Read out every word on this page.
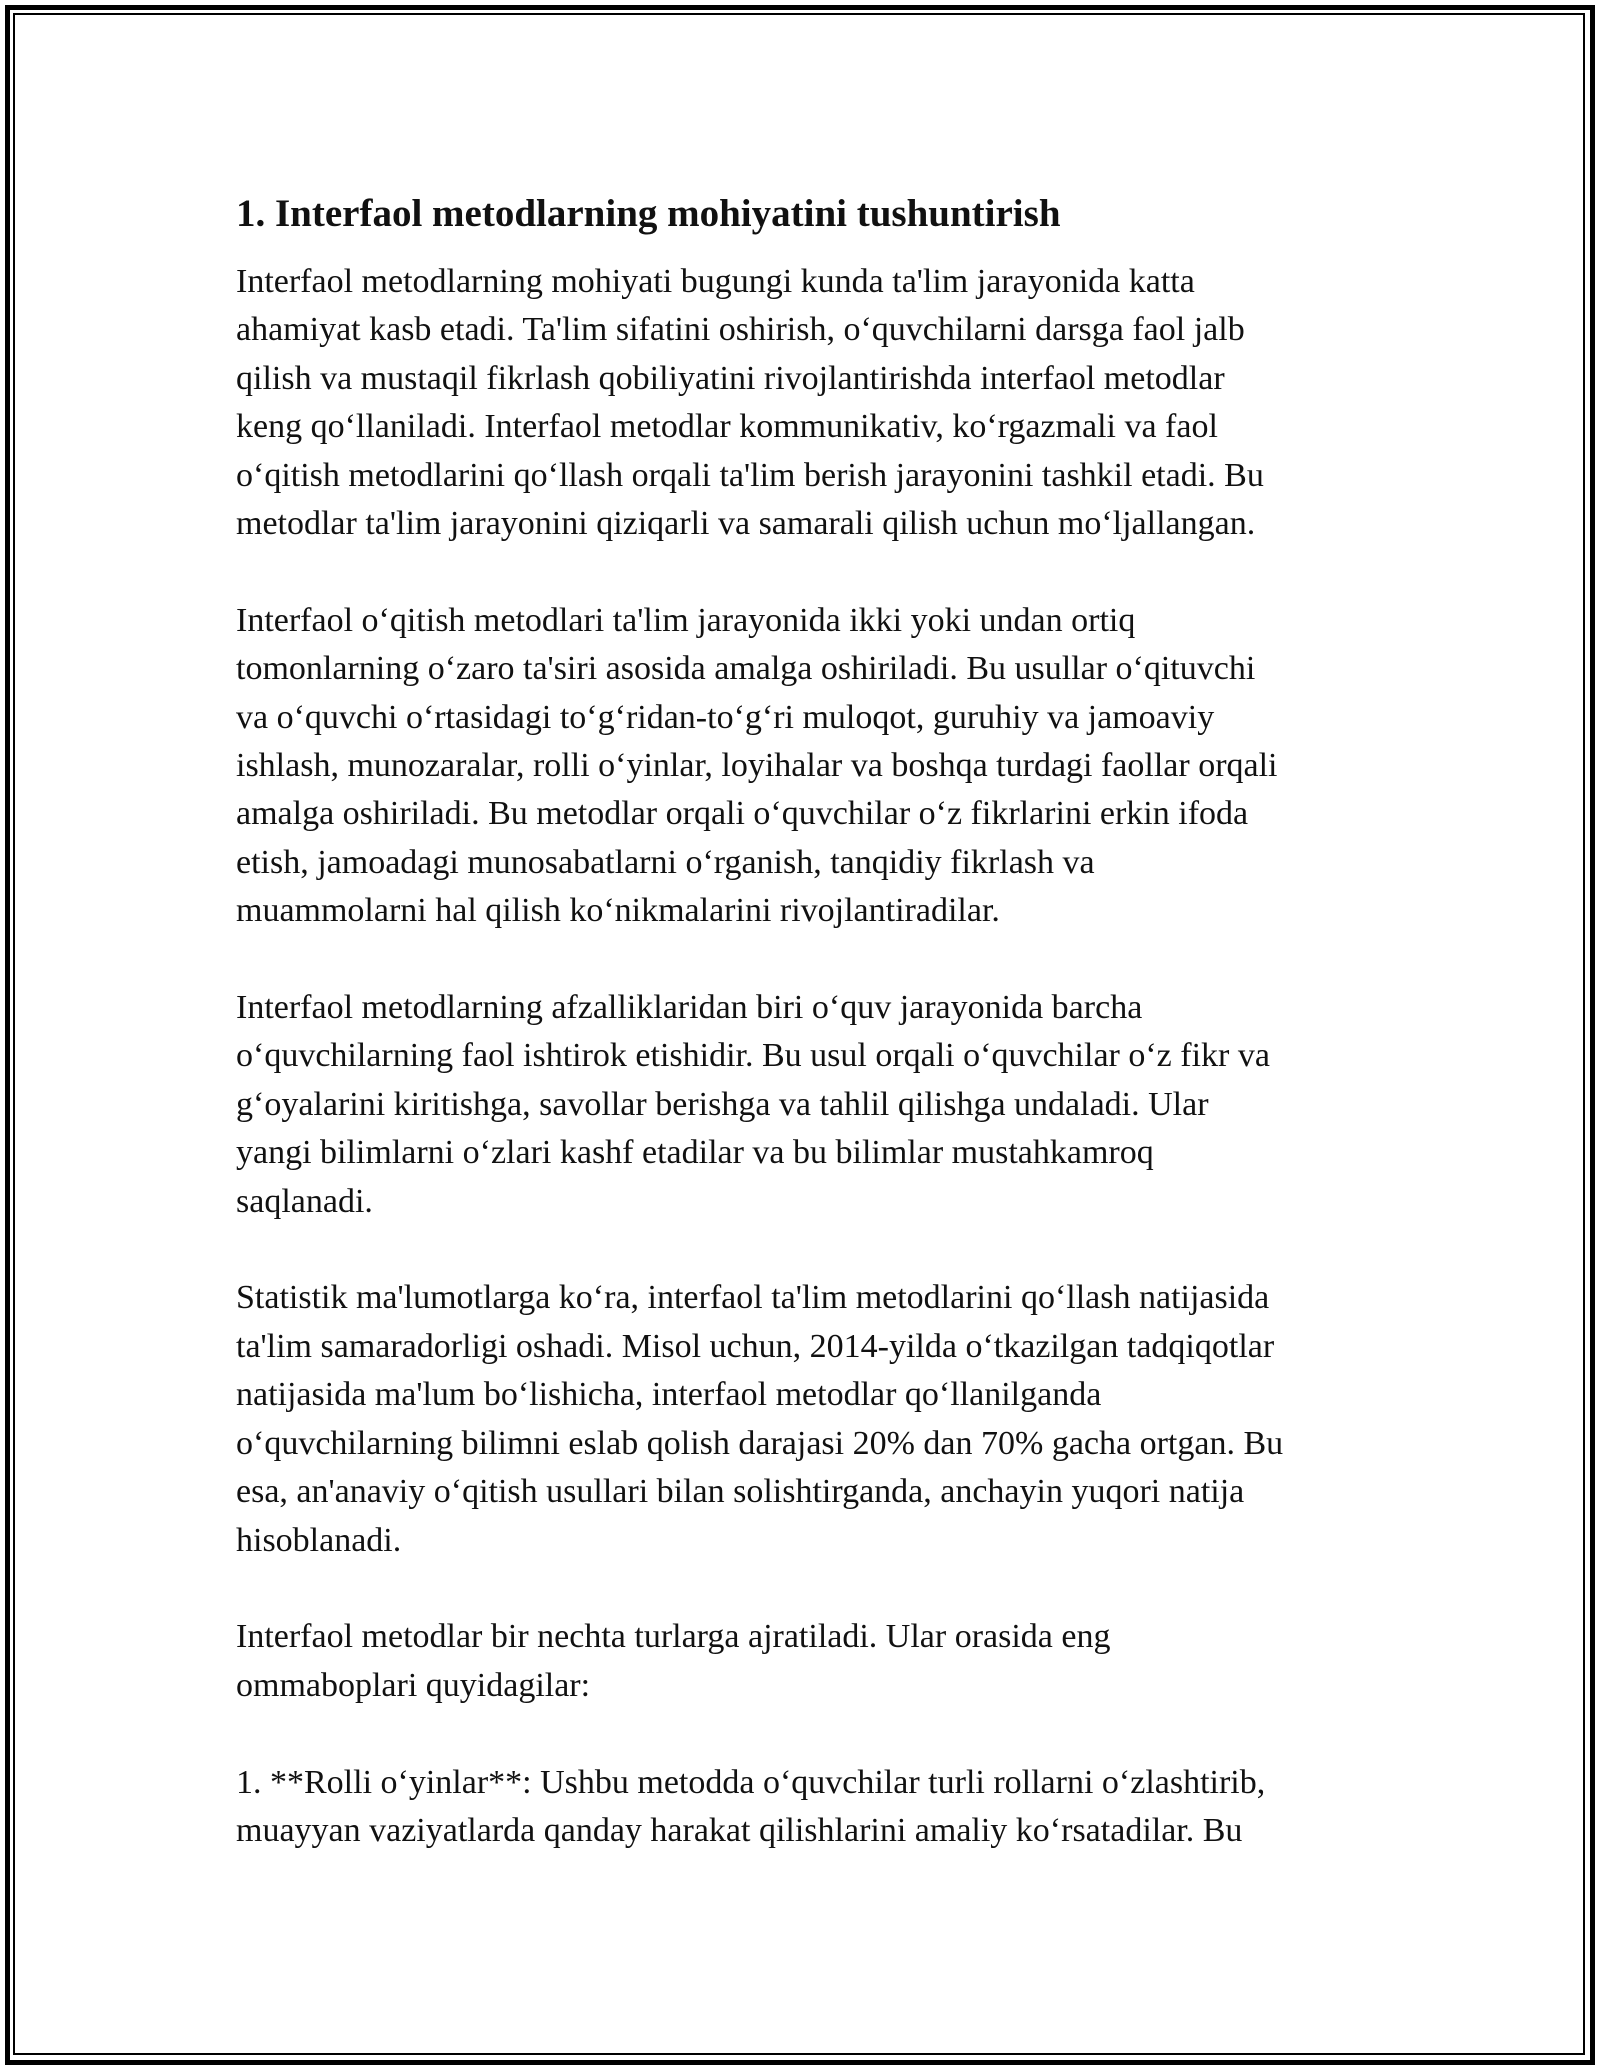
1. Interfaol metodlarning mohiyatini tushuntirish

Interfaol metodlarning mohiyati bugungi kunda ta'lim jarayonida katta
ahamiyat kasb etadi. Ta'lim sifatini oshirish, o‘quvchilarni darsga faol jalb
qilish va mustaqil fikrlash qobiliyatini rivojlantirishda interfaol metodlar
keng qo‘llaniladi. Interfaol metodlar kommunikativ, ko‘rgazmali va faol
o‘qitish metodlarini qo‘llash orqali ta'lim berish jarayonini tashkil etadi. Bu
metodlar ta'lim jarayonini qiziqarli va samarali qilish uchun mo‘ljallangan.

Interfaol o‘qitish metodlari ta'lim jarayonida ikki yoki undan ortiq
tomonlarning o‘zaro ta'siri asosida amalga oshiriladi. Bu usullar o‘qituvchi
va o‘quvchi o‘rtasidagi to‘g‘ridan-to‘g‘ri muloqot, guruhiy va jamoaviy
ishlash, munozaralar, rolli o‘yinlar, loyihalar va boshqa turdagi faollar orqali
amalga oshiriladi. Bu metodlar orqali o‘quvchilar o‘z fikrlarini erkin ifoda
etish, jamoadagi munosabatlarni o‘rganish, tanqidiy fikrlash va
muammolarni hal qilish ko‘nikmalarini rivojlantiradilar.

Interfaol metodlarning afzalliklaridan biri o‘quv jarayonida barcha
o‘quvchilarning faol ishtirok etishidir. Bu usul orqali o‘quvchilar o‘z fikr va
g‘oyalarini kiritishga, savollar berishga va tahlil qilishga undaladi. Ular
yangi bilimlarni o‘zlari kashf etadilar va bu bilimlar mustahkamroq
saqlanadi.

Statistik ma'lumotlarga ko‘ra, interfaol ta'lim metodlarini qo‘llash natijasida
ta'lim samaradorligi oshadi. Misol uchun, 2014-yilda o‘tkazilgan tadqiqotlar
natijasida ma'lum bo‘lishicha, interfaol metodlar qo‘llanilganda
o‘quvchilarning bilimni eslab qolish darajasi 20% dan 70% gacha ortgan. Bu
esa, an'anaviy o‘qitish usullari bilan solishtirganda, anchayin yuqori natija
hisoblanadi.

Interfaol metodlar bir nechta turlarga ajratiladi. Ular orasida eng
ommaboplari quyidagilar:

1. **Rolli o‘yinlar**: Ushbu metodda o‘quvchilar turli rollarni o‘zlashtirib,
muayyan vaziyatlarda qanday harakat qilishlarini amaliy ko‘rsatadilar. Bu
